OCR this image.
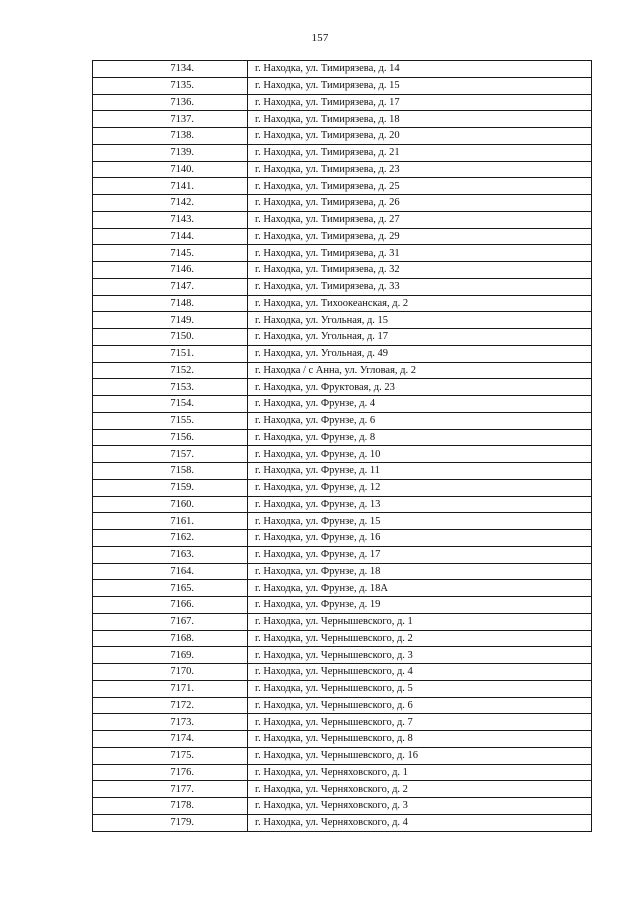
157
7134.	г. Находка, ул. Тимирязева, д. 14
7135.	г. Находка, ул. Тимирязева, д. 15
7136.	г. Находка, ул. Тимирязева, д. 17
7137.	г. Находка, ул. Тимирязева, д. 18
7138.	г. Находка, ул. Тимирязева, д. 20
7139.	г. Находка, ул. Тимирязева, д. 21
7140.	г. Находка, ул. Тимирязева, д. 23
7141.	г. Находка, ул. Тимирязева, д. 25
7142.	г. Находка, ул. Тимирязева, д. 26
7143.	г. Находка, ул. Тимирязева, д. 27
7144.	г. Находка, ул. Тимирязева, д. 29
7145.	г. Находка, ул. Тимирязева, д. 31
7146.	г. Находка, ул. Тимирязева, д. 32
7147.	г. Находка, ул. Тимирязева, д. 33
7148.	г. Находка, ул. Тихоокеанская, д. 2
7149.	г. Находка, ул. Угольная, д. 15
7150.	г. Находка, ул. Угольная, д. 17
7151.	г. Находка, ул. Угольная, д. 49
7152.	г. Находка / с Анна, ул. Угловая, д. 2
7153.	г. Находка, ул. Фруктовая, д. 23
7154.	г. Находка, ул. Фрунзе, д. 4
7155.	г. Находка, ул. Фрунзе, д. 6
7156.	г. Находка, ул. Фрунзе, д. 8
7157.	г. Находка, ул. Фрунзе, д. 10
7158.	г. Находка, ул. Фрунзе, д. 11
7159.	г. Находка, ул. Фрунзе, д. 12
7160.	г. Находка, ул. Фрунзе, д. 13
7161.	г. Находка, ул. Фрунзе, д. 15
7162.	г. Находка, ул. Фрунзе, д. 16
7163.	г. Находка, ул. Фрунзе, д. 17
7164.	г. Находка, ул. Фрунзе, д. 18
7165.	г. Находка, ул. Фрунзе, д. 18А
7166.	г. Находка, ул. Фрунзе, д. 19
7167.	г. Находка, ул. Чернышевского, д. 1
7168.	г. Находка, ул. Чернышевского, д. 2
7169.	г. Находка, ул. Чернышевского, д. 3
7170.	г. Находка, ул. Чернышевского, д. 4
7171.	г. Находка, ул. Чернышевского, д. 5
7172.	г. Находка, ул. Чернышевского, д. 6
7173.	г. Находка, ул. Чернышевского, д. 7
7174.	г. Находка, ул. Чернышевского, д. 8
7175.	г. Находка, ул. Чернышевского, д. 16
7176.	г. Находка, ул. Черняховского, д. 1
7177.	г. Находка, ул. Черняховского, д. 2
7178.	г. Находка, ул. Черняховского, д. 3
7179.	г. Находка, ул. Черняховского, д. 4
